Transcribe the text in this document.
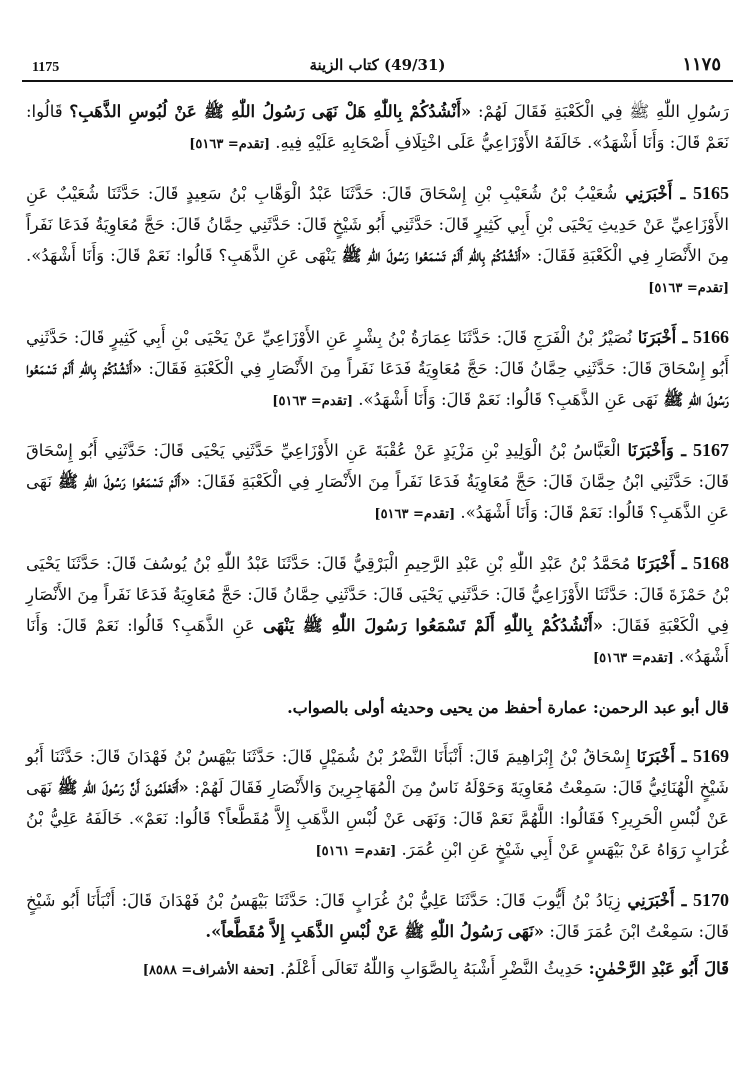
1175	(49/31) كتاب الزينة	١١٧٥

رَسُولِ اللّٰهِ ﷺ فِي الْكَعْبَةِ فَقَالَ لَهُمْ: «أَنْشُدُكُمْ بِاللّٰهِ هَلْ نَهَى رَسُولُ اللّٰهِ ﷺ عَنْ لُبُوسِ الذَّهَبِ؟ قَالُوا: نَعَمْ قَالَ: وَأَنَا أَشْهَدُ». خَالَفَهُ الأَوْزَاعِيُّ عَلَى اخْتِلَافِ أَصْحَابِهِ عَلَيْهِ فِيهِ. [تقدم= ٥١٦٣]

5165 ـ أَخْبَرَنِي شُعَيْبُ بْنُ شُعَيْبِ بْنِ إِسْحَاقَ قَالَ: حَدَّثَنَا عَبْدُ الْوَهَّابِ بْنُ سَعِيدٍ قَالَ: حَدَّثَنَا شُعَيْبٌ عَنِ الأَوْزَاعِيِّ عَنْ حَدِيثِ يَحْيَى بْنِ أَبِي كَثِيرٍ قَالَ: حَدَّثَنِي أَبُو شَيْخٍ قَالَ: حَدَّثَنِي حِمَّانُ قَالَ: حَجَّ مُعَاوِيَةُ فَدَعَا نَفَراً مِنَ الأَنْصَارِ فِي الْكَعْبَةِ فَقَالَ: «أَنْشُدُكُمْ بِاللّٰهِ أَلَمْ تَسْمَعُوا رَسُولَ اللّٰهِ ﷺ يَنْهَى عَنِ الذَّهَبِ؟ قَالُوا: نَعَمْ قَالَ: وَأَنَا أَشْهَدُ». [تقدم= ٥١٦٣]

5166 ـ أَخْبَرَنَا نُصَيْرُ بْنُ الْفَرَجِ قَالَ: حَدَّثَنَا عِمَارَةُ بْنُ بِشْرٍ عَنِ الأَوْزَاعِيِّ عَنْ يَحْيَى بْنِ أَبِي كَثِيرٍ قَالَ: حَدَّثَنِي أَبُو إِسْحَاقَ قَالَ: حَدَّثَنِي حِمَّانُ قَالَ: حَجَّ مُعَاوِيَةُ فَدَعَا نَفَراً مِنَ الأَنْصَارِ فِي الْكَعْبَةِ فَقَالَ: «أَنْشُدُكُمْ بِاللّٰهِ أَلَمْ تَسْمَعُوا رَسُولَ اللّٰهِ ﷺ نَهَى عَنِ الذَّهَبِ؟ قَالُوا: نَعَمْ قَالَ: وَأَنَا أَشْهَدُ». [تقدم= ٥١٦٣]

5167 ـ وَأَخْبَرَنَا الْعَبَّاسُ بْنُ الْوَلِيدِ بْنِ مَزْيَدٍ عَنْ عُقْبَةَ عَنِ الأَوْزَاعِيِّ حَدَّثَنِي يَحْيَى قَالَ: حَدَّثَنِي أَبُو إِسْحَاقَ قَالَ: حَدَّثَنِي ابْنُ حِمَّانَ قَالَ: حَجَّ مُعَاوِيَةُ فَدَعَا نَفَراً مِنَ الأَنْصَارِ فِي الْكَعْبَةِ فَقَالَ: «أَلَمْ تَسْمَعُوا رَسُولَ اللّٰهِ ﷺ نَهَى عَنِ الذَّهَبِ؟ قَالُوا: نَعَمْ قَالَ: وَأَنَا أَشْهَدُ». [تقدم= ٥١٦٣]

5168 ـ أَخْبَرَنَا مُحَمَّدُ بْنُ عَبْدِ اللّٰهِ بْنِ عَبْدِ الرَّحِيمِ الْبَرْقِيُّ قَالَ: حَدَّثَنَا عَبْدُ اللّٰهِ بْنُ يُوسُفَ قَالَ: حَدَّثَنَا يَحْيَى بْنُ حَمْزَةَ قَالَ: حَدَّثَنَا الأَوْزَاعِيُّ قَالَ: حَدَّثَنِي يَحْيَى قَالَ: حَدَّثَنِي حِمَّانُ قَالَ: حَجَّ مُعَاوِيَةُ فَدَعَا نَفَراً مِنَ الأَنْصَارِ فِي الْكَعْبَةِ فَقَالَ: «أَنْشُدُكُمْ بِاللّٰهِ أَلَمْ تَسْمَعُوا رَسُولَ اللّٰهِ ﷺ يَنْهَى عَنِ الذَّهَبِ؟ قَالُوا: نَعَمْ قَالَ: وَأَنَا أَشْهَدُ». [تقدم= ٥١٦٣]

قال أبو عبد الرحمن: عمارة أحفظ من يحيى وحديثه أولى بالصواب.

5169 ـ أَخْبَرَنَا إِسْحَاقُ بْنُ إِبْرَاهِيمَ قَالَ: أَنْبَأَنَا النَّضْرُ بْنُ شُمَيْلٍ قَالَ: حَدَّثَنَا بَيْهَسُ بْنُ فَهْدَانَ قَالَ: حَدَّثَنَا أَبُو شَيْخٍ الْهُنَائِيُّ قَالَ: سَمِعْتُ مُعَاوِيَةَ وَحَوْلَهُ نَاسٌ مِنَ الْمُهَاجِرِينَ وَالأَنْصَارِ فَقَالَ لَهُمْ: «أَتَعْلَمُونَ أَنَّ رَسُولَ اللّٰهِ ﷺ نَهَى عَنْ لُبْسِ الْحَرِيرِ؟ فَقَالُوا: اللَّهُمَّ نَعَمْ قَالَ: وَنَهَى عَنْ لُبْسِ الذَّهَبِ إِلاَّ مُقَطَّعاً؟ قَالُوا: نَعَمْ». خَالَفَهُ عَلِيُّ بْنُ غُرَابٍ رَوَاهُ عَنْ بَيْهَسٍ عَنْ أَبِي شَيْخٍ عَنِ ابْنِ عُمَرَ. [تقدم= ٥١٦١]

5170 ـ أَخْبَرَنِي زِيَادُ بْنُ أَيُّوبَ قَالَ: حَدَّثَنَا عَلِيُّ بْنُ غُرَابٍ قَالَ: حَدَّثَنَا بَيْهَسُ بْنُ فَهْدَانَ قَالَ: أَنْبَأَنَا أَبُو شَيْخٍ قَالَ: سَمِعْتُ ابْنَ عُمَرَ قَالَ: «نَهَى رَسُولُ اللّٰهِ ﷺ عَنْ لُبْسِ الذَّهَبِ إِلاَّ مُقَطَّعاً».

قَالَ أَبُو عَبْدِ الرَّحْمٰنِ: حَدِيثُ النَّضْرِ أَشْبَهُ بِالصَّوَابِ وَاللّٰهُ تَعَالَى أَعْلَمُ. [تحفة الأشراف= ٨٥٨٨]
